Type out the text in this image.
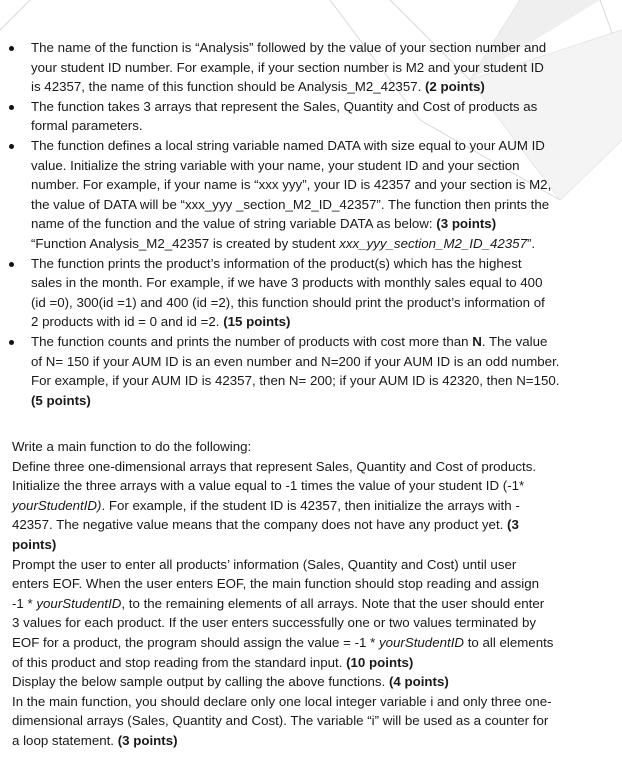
The name of the function is “Analysis” followed by the value of your section number and
your student ID number. For example, if your section number is M2 and your student ID
is 42357, the name of this function should be Analysis_M2_42357. (2 points)
The function takes 3 arrays that represent the Sales, Quantity and Cost of products as
formal parameters.
The function defines a local string variable named DATA with size equal to your AUM ID
value. Initialize the string variable with your name, your student ID and your section
number. For example, if your name is “xxx yyy”, your ID is 42357 and your section is M2,
the value of DATA will be “xxx_yyy _section_M2_ID_42357”. The function then prints the
name of the function and the value of string variable DATA as below: (3 points)
“Function Analysis_M2_42357 is created by student xxx_yyy_section_M2_ID_42357”.
The function prints the product’s information of the product(s) which has the highest
sales in the month. For example, if we have 3 products with monthly sales equal to 400
(id =0), 300(id =1) and 400 (id =2), this function should print the product’s information of
2 products with id = 0 and id =2. (15 points)
The function counts and prints the number of products with cost more than N. The value
of N= 150 if your AUM ID is an even number and N=200 if your AUM ID is an odd number.
For example, if your AUM ID is 42357, then N= 200; if your AUM ID is 42320, then N=150.
(5 points)
Write a main function to do the following:
Define three one-dimensional arrays that represent Sales, Quantity and Cost of products.
Initialize the three arrays with a value equal to -1 times the value of your student ID (-1*
yourStudentID). For example, if the student ID is 42357, then initialize the arrays with -
42357. The negative value means that the company does not have any product yet. (3
points)
Prompt the user to enter all products’ information (Sales, Quantity and Cost) until user
enters EOF. When the user enters EOF, the main function should stop reading and assign
-1 * yourStudentID, to the remaining elements of all arrays. Note that the user should enter
3 values for each product. If the user enters successfully one or two values terminated by
EOF for a product, the program should assign the value = -1 * yourStudentID to all elements
of this product and stop reading from the standard input. (10 points)
Display the below sample output by calling the above functions. (4 points)
In the main function, you should declare only one local integer variable i and only three one-
dimensional arrays (Sales, Quantity and Cost). The variable “i” will be used as a counter for
a loop statement. (3 points)
